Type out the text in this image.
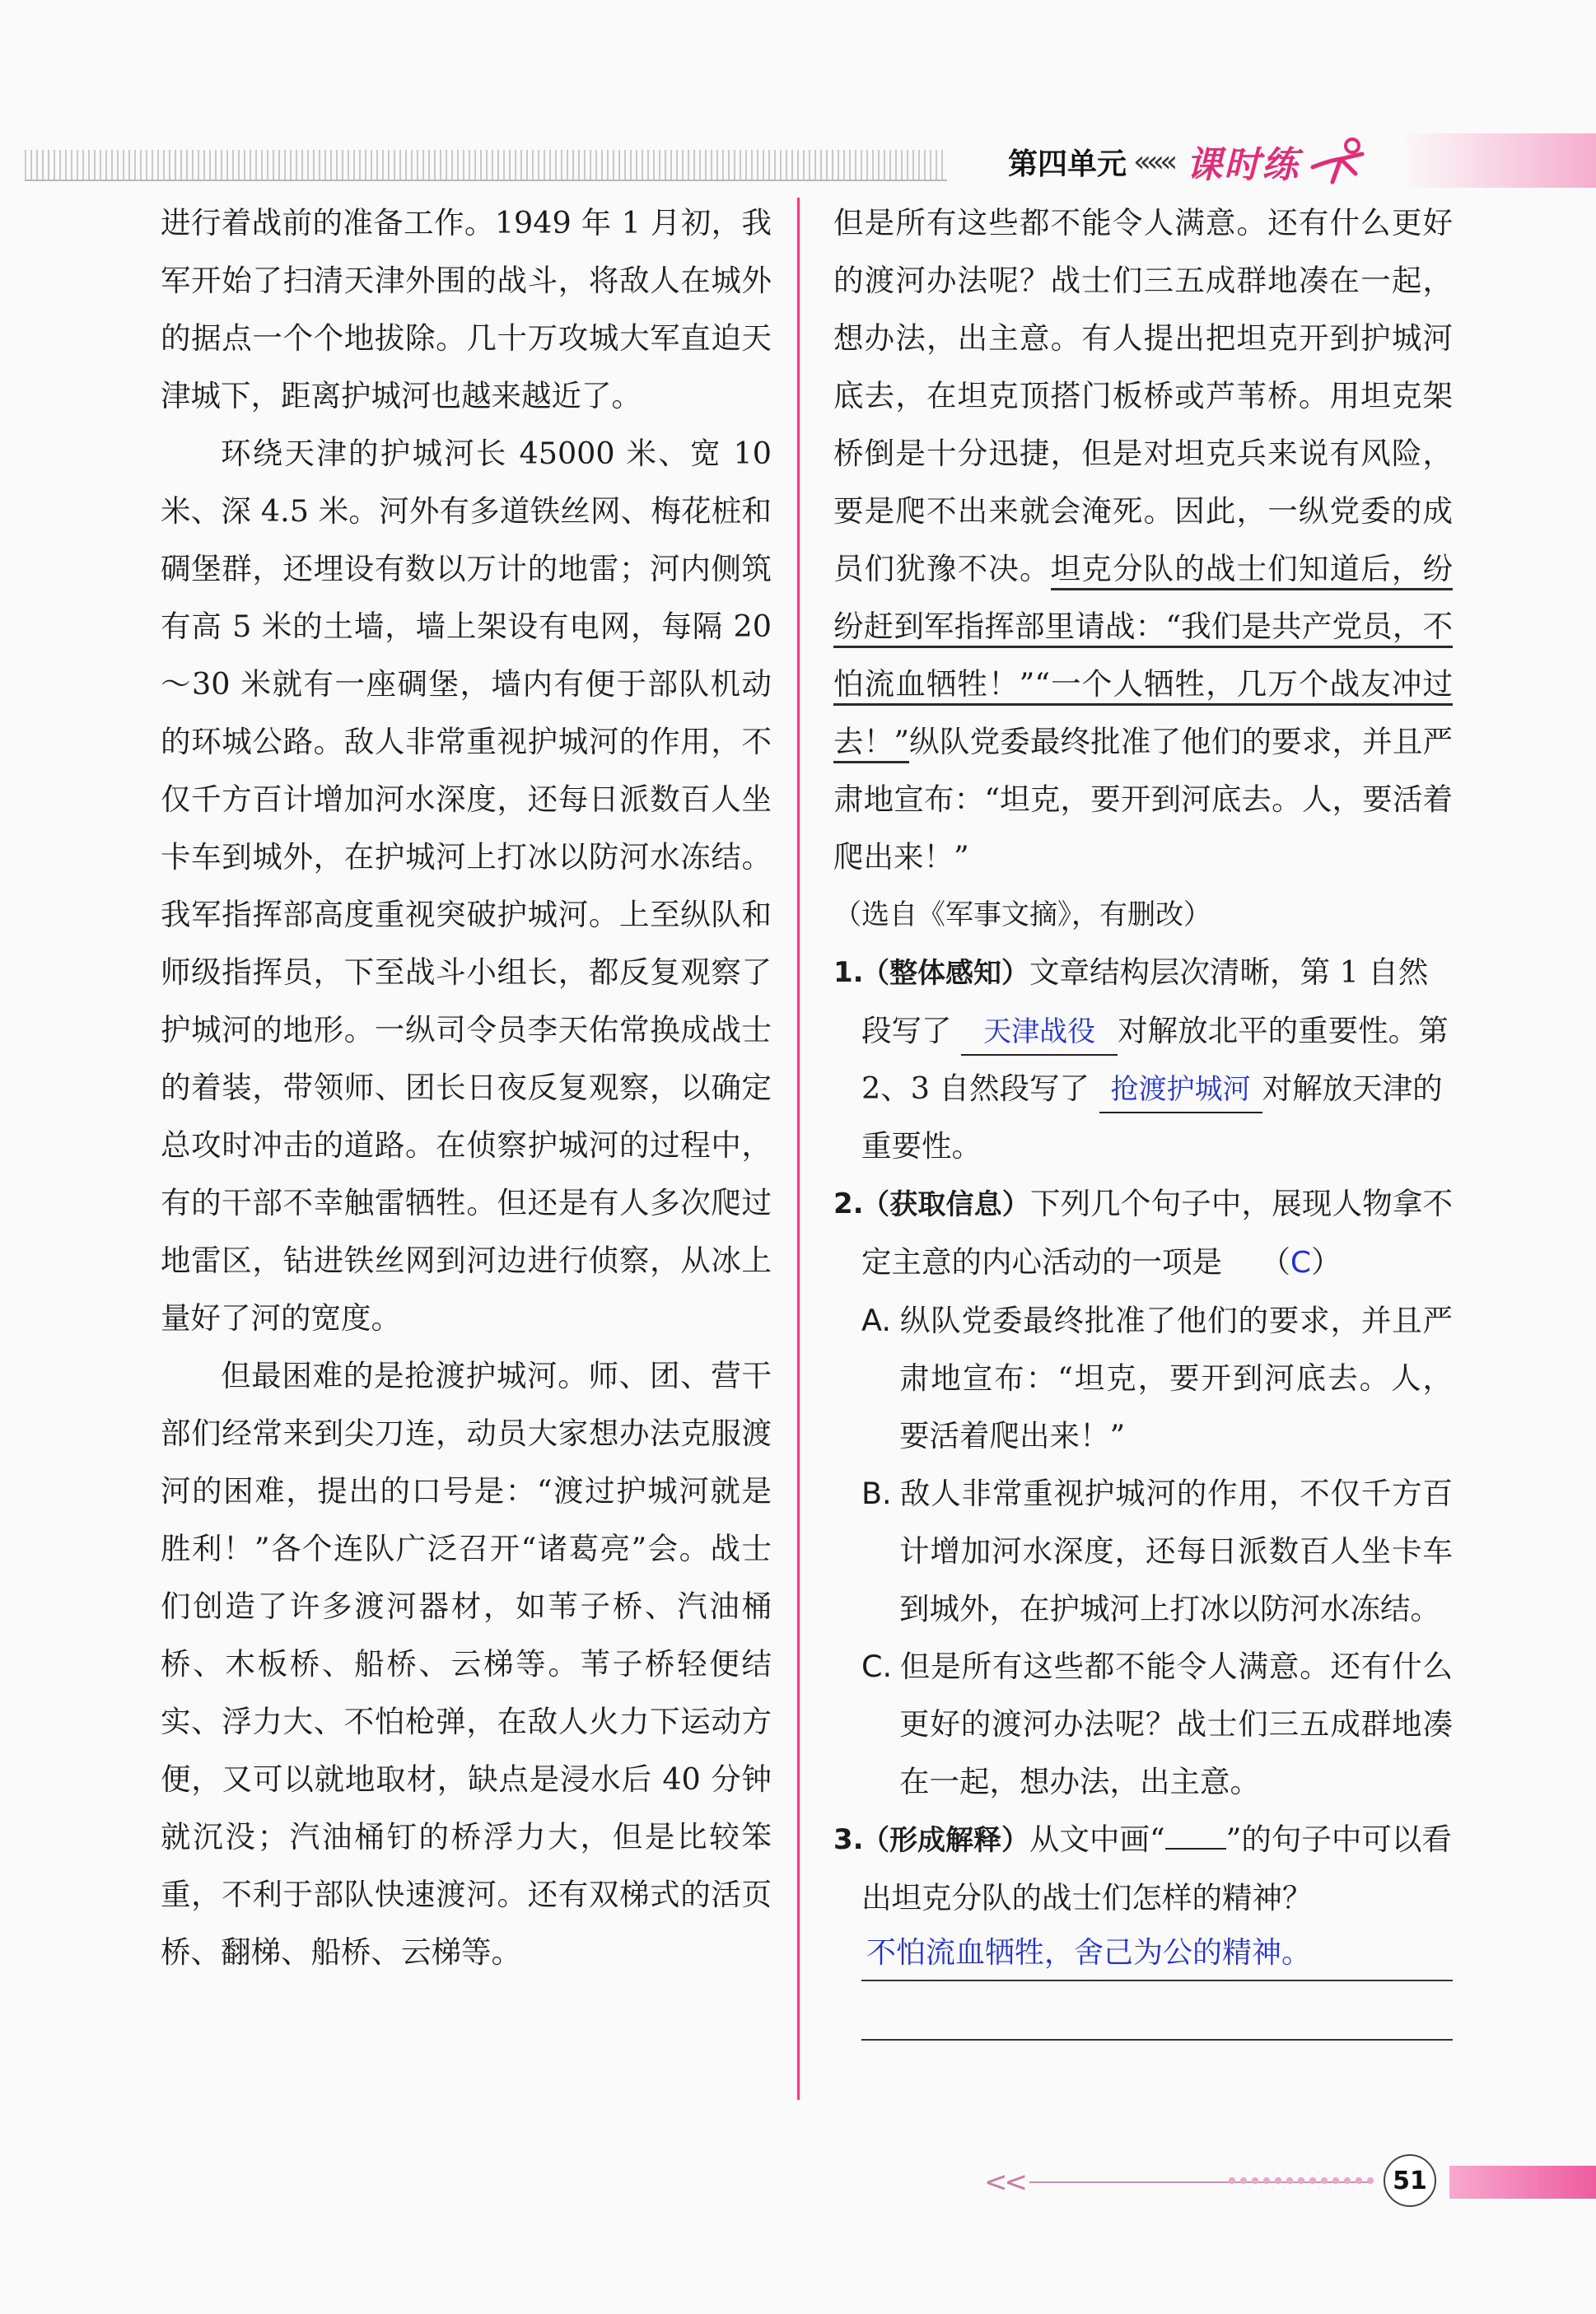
第四单元 ««« 课时练

进行着战前的准备工作。1949 年 1 月初，我军开始了扫清天津外围的战斗，将敌人在城外的据点一个个地拔除。几十万攻城大军直迫天津城下，距离护城河也越来越近了。

环绕天津的护城河长 45000 米、宽 10 米、深 4.5 米。河外有多道铁丝网、梅花桩和碉堡群，还埋设有数以万计的地雷；河内侧筑有高 5 米的土墙，墙上架设有电网，每隔 20～30 米就有一座碉堡，墙内有便于部队机动的环城公路。敌人非常重视护城河的作用，不仅千方百计增加河水深度，还每日派数百人坐卡车到城外，在护城河上打冰以防河水冻结。我军指挥部高度重视突破护城河。上至纵队和师级指挥员，下至战斗小组长，都反复观察了护城河的地形。一纵司令员李天佑常换成战士的着装，带领师、团长日夜反复观察，以确定总攻时冲击的道路。在侦察护城河的过程中，有的干部不幸触雷牺牲。但还是有人多次爬过地雷区，钻进铁丝网到河边进行侦察，从冰上量好了河的宽度。

但最困难的是抢渡护城河。师、团、营干部们经常来到尖刀连，动员大家想办法克服渡河的困难，提出的口号是：“渡过护城河就是胜利！”各个连队广泛召开“诸葛亮”会。战士们创造了许多渡河器材，如苇子桥、汽油桶桥、木板桥、船桥、云梯等。苇子桥轻便结实、浮力大、不怕枪弹，在敌人火力下运动方便，又可以就地取材，缺点是浸水后 40 分钟就沉没；汽油桶钉的桥浮力大，但是比较笨重，不利于部队快速渡河。还有双梯式的活页桥、翻梯、船桥、云梯等。

但是所有这些都不能令人满意。还有什么更好的渡河办法呢？战士们三五成群地凑在一起，想办法，出主意。有人提出把坦克开到护城河底去，在坦克顶搭门板桥或芦苇桥。用坦克架桥倒是十分迅捷，但是对坦克兵来说有风险，要是爬不出来就会淹死。因此，一纵党委的成员们犹豫不决。坦克分队的战士们知道后，纷纷赶到军指挥部里请战：“我们是共产党员，不怕流血牺牲！”“一个人牺牲，几万个战友冲过去！”纵队党委最终批准了他们的要求，并且严肃地宣布：“坦克，要开到河底去。人，要活着爬出来！”

（选自《军事文摘》，有删改）

1.
（整体感知）文章结构层次清晰，第 1 自然段写了 天津战役 对解放北平的重要性。第 2、3 自然段写了 抢渡护城河 对解放天津的重要性。
2.

（获取信息）下列几个句子中，展现人物拿不定主意的内心活动的一项是 （C）

A. 纵队党委最终批准了他们的要求，并且严肃地宣布：“坦克，要开到河底去。人，要活着爬出来！”

B. 敌人非常重视护城河的作用，不仅千方百计增加河水深度，还每日派数百人坐卡车到城外，在护城河上打冰以防河水冻结。

C. 但是所有这些都不能令人满意。还有什么更好的渡河办法呢？战士们三五成群地凑在一起，想办法，出主意。

3.
（形成解释）从文中画“ ”的句子中可以看出坦克分队的战士们怎样的精神？
不怕流血牺牲，舍己为公的精神。
<<	51
